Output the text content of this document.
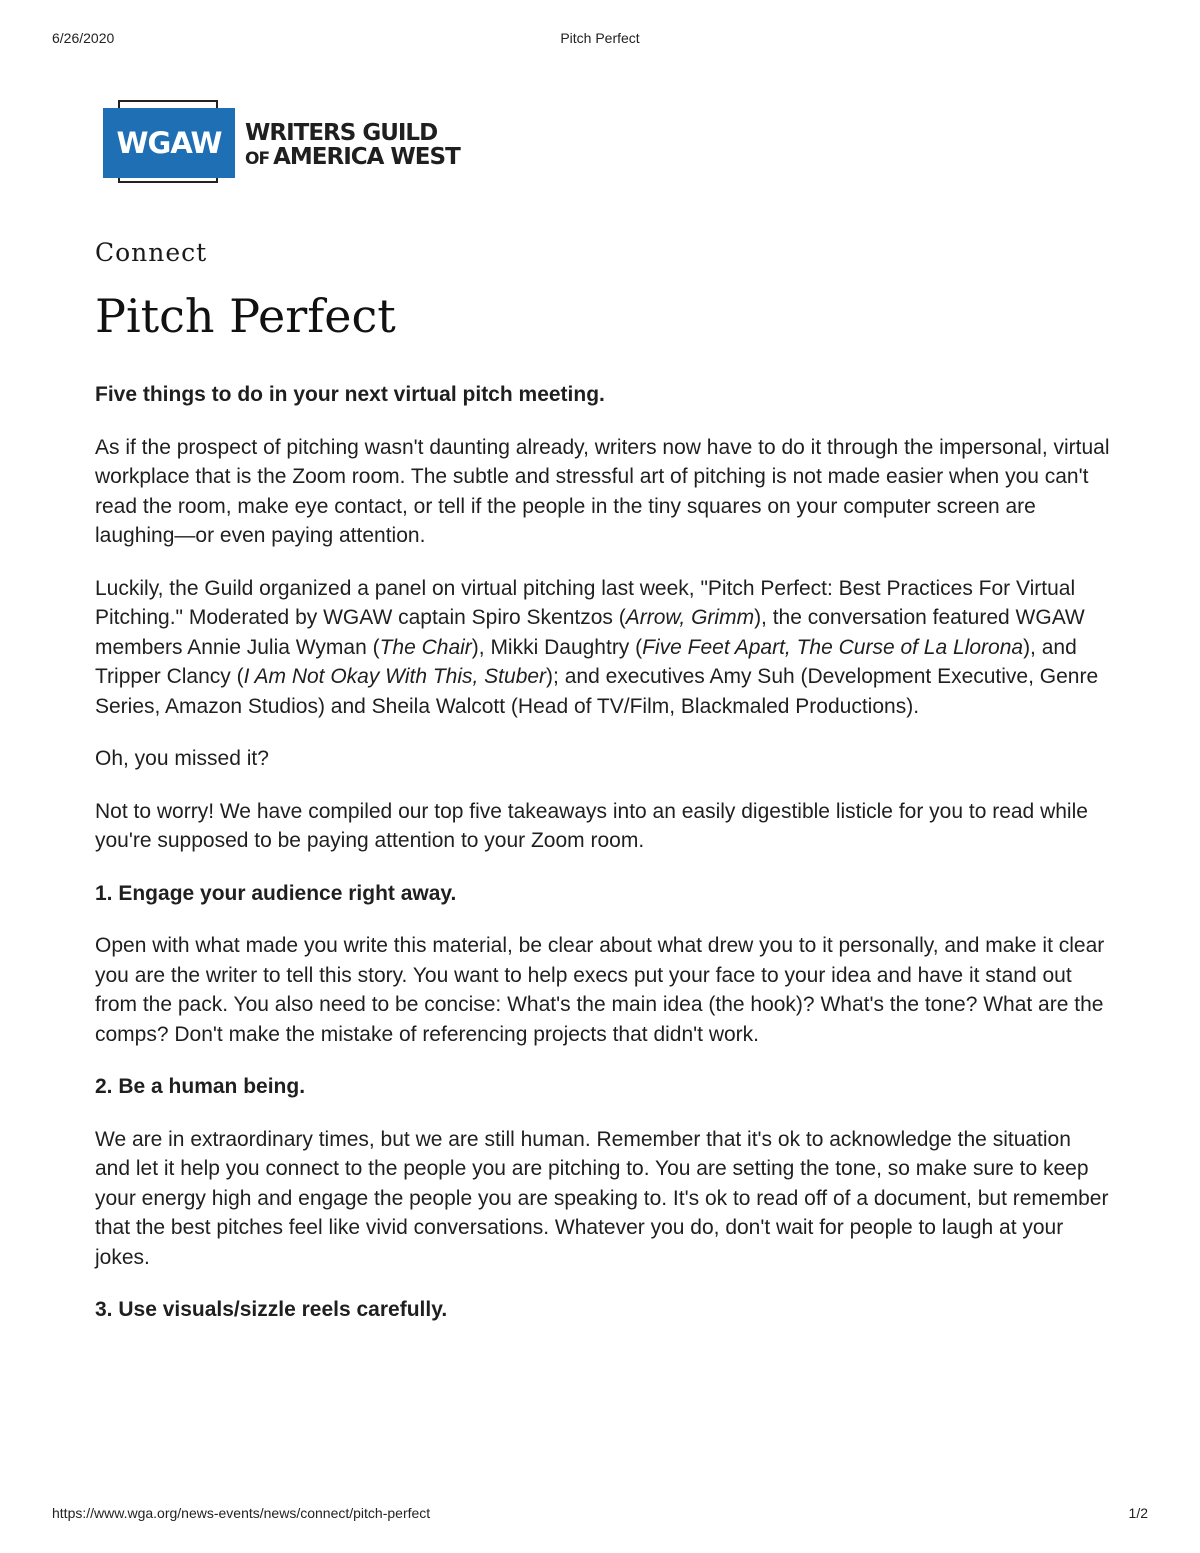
6/26/2020	Pitch Perfect
WGAW WRITERS GUILD
OF AMERICA WEST
Connect
Pitch Perfect

Five things to do in your next virtual pitch meeting.

As if the prospect of pitching wasn't daunting already, writers now have to do it through the impersonal, virtual workplace that is the Zoom room. The subtle and stressful art of pitching is not made easier when you can't read the room, make eye contact, or tell if the people in the tiny squares on your computer screen are laughing—or even paying attention.

Luckily, the Guild organized a panel on virtual pitching last week, "Pitch Perfect: Best Practices For Virtual Pitching." Moderated by WGAW captain Spiro Skentzos (Arrow, Grimm), the conversation featured WGAW members Annie Julia Wyman (The Chair), Mikki Daughtry (Five Feet Apart, The Curse of La Llorona), and Tripper Clancy (I Am Not Okay With This, Stuber); and executives Amy Suh (Development Executive, Genre Series, Amazon Studios) and Sheila Walcott (Head of TV/Film, Blackmaled Productions).

Oh, you missed it?

Not to worry! We have compiled our top five takeaways into an easily digestible listicle for you to read while you're supposed to be paying attention to your Zoom room.

1. Engage your audience right away.

Open with what made you write this material, be clear about what drew you to it personally, and make it clear you are the writer to tell this story. You want to help execs put your face to your idea and have it stand out from the pack. You also need to be concise: What's the main idea (the hook)? What's the tone? What are the comps? Don't make the mistake of referencing projects that didn't work.

2. Be a human being.

We are in extraordinary times, but we are still human. Remember that it's ok to acknowledge the situation and let it help you connect to the people you are pitching to. You are setting the tone, so make sure to keep your energy high and engage the people you are speaking to. It's ok to read off of a document, but remember that the best pitches feel like vivid conversations. Whatever you do, don't wait for people to laugh at your jokes.

3. Use visuals/sizzle reels carefully.

https://www.wga.org/news-events/news/connect/pitch-perfect	1/2
